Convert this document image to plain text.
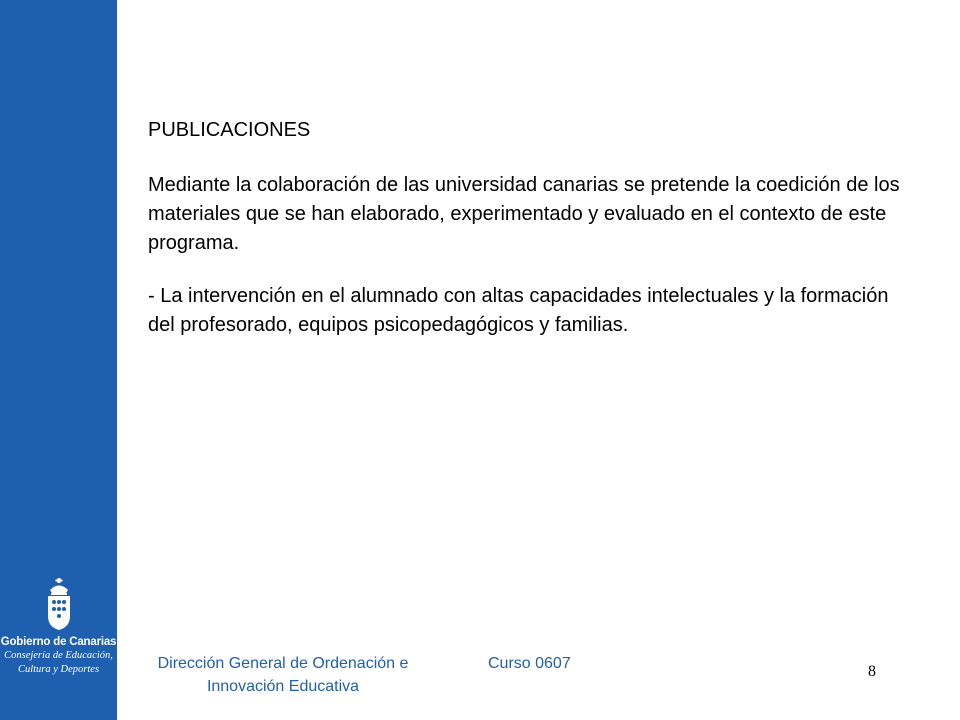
Gobierno de Canarias
Consejería de Educación,
Cultura y Deportes

PUBLICACIONES

Mediante la colaboración de las universidad canarias se pretende la coedición de los materiales que se han elaborado, experimentado y evaluado en el contexto de este programa.

- La intervención en el alumnado con altas capacidades intelectuales y la formación del profesorado, equipos psicopedagógicos y familias.

Dirección General de Ordenación e
Innovación Educativa
Curso 0607	8
